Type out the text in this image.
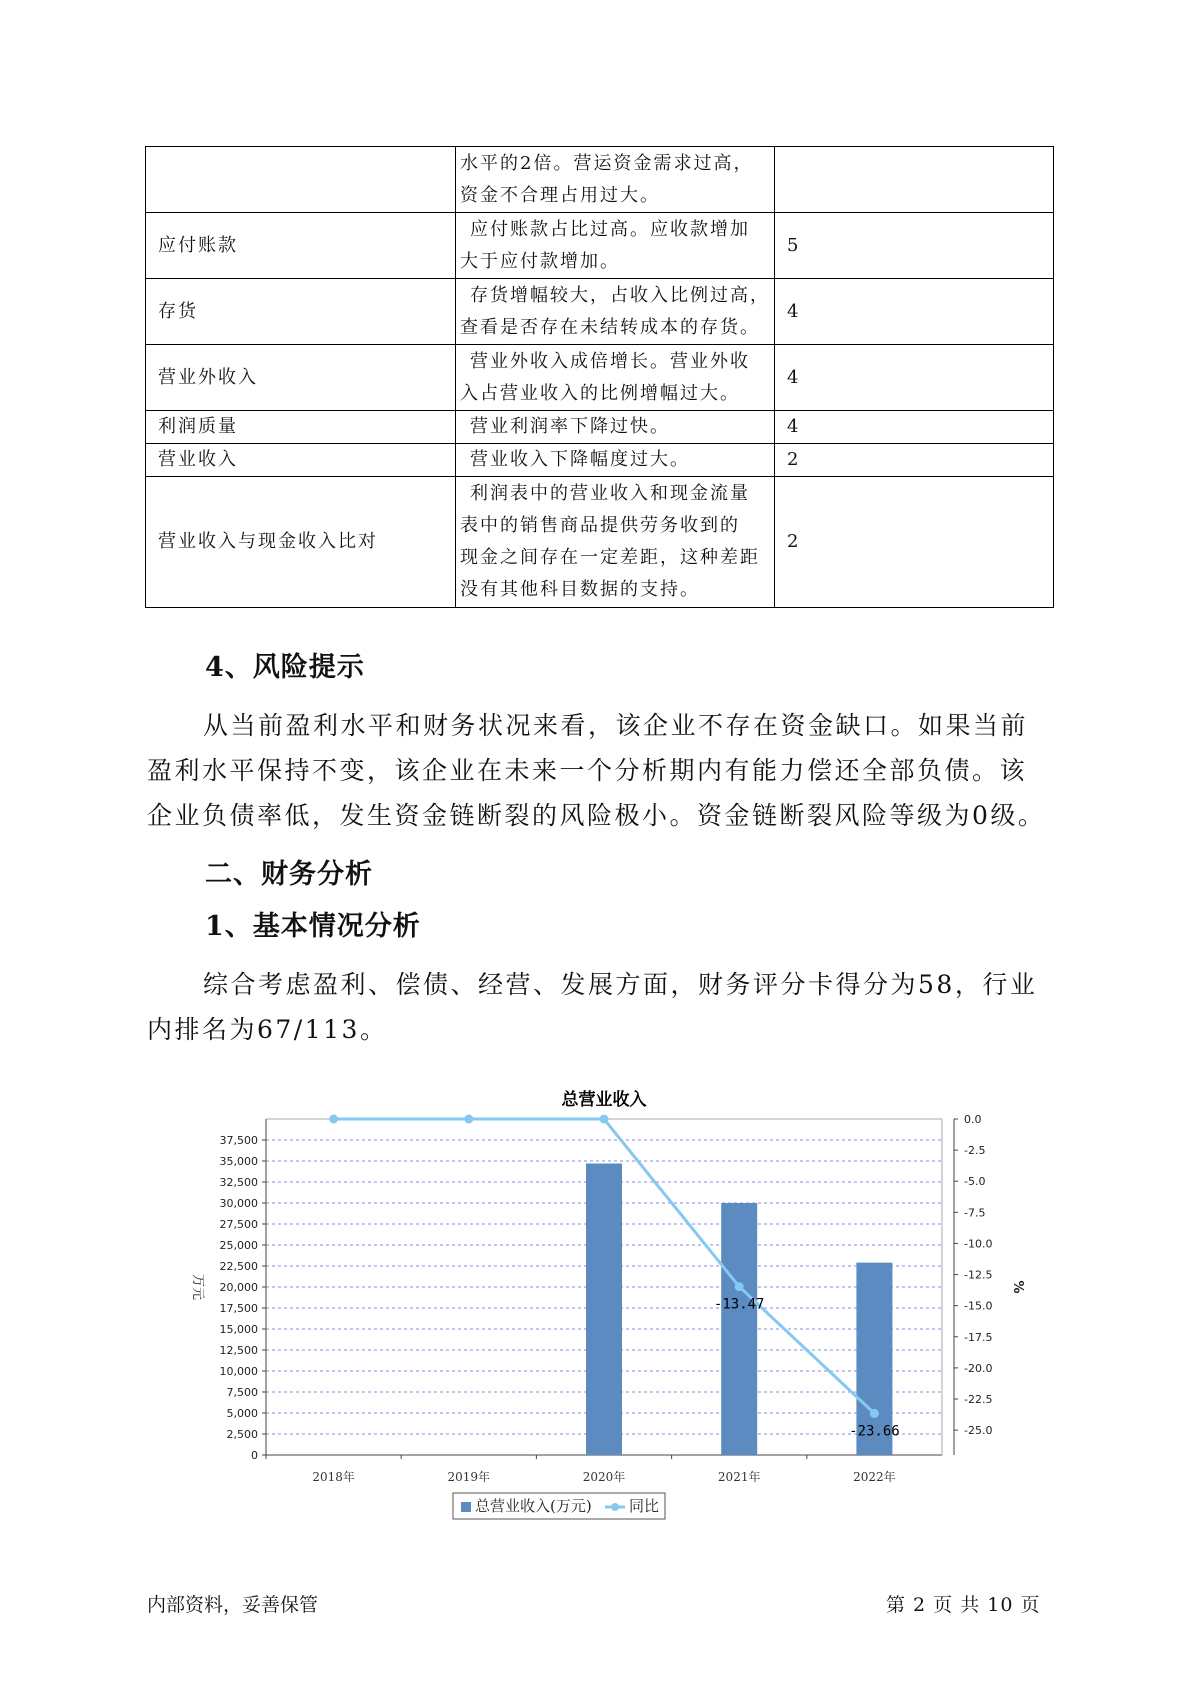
	水平的2倍。营运资金需求过高，
资金不合理占用过大。	

应付账款	应付账款占比过高。应收款增加
大于应付款增加。	5
存货	存货增幅较大，占收入比例过高，
查看是否存在未结转成本的存货。	4
营业外收入	营业外收入成倍增长。营业外收
入占营业收入的比例增幅过大。	4
利润质量	营业利润率下降过快。	4
营业收入	营业收入下降幅度过大。	2
营业收入与现金收入比对	利润表中的营业收入和现金流量
表中的销售商品提供劳务收到的
现金之间存在一定差距，这种差距
没有其他科目数据的支持。	2
4、风险提示

从当前盈利水平和财务状况来看，该企业不存在资金缺口。如果当前

盈利水平保持不变，该企业在未来一个分析期内有能力偿还全部负债。该

企业负债率低，发生资金链断裂的风险极小。资金链断裂风险等级为0级。

二、财务分析
1、基本情况分析

综合考虑盈利、偿债、经营、发展方面，财务评分卡得分为58，行业

内排名为67/113。

总营业收入
0
2,500
5,000
7,500
10,000
12,500
15,000
17,500
20,000
22,500
25,000
27,500
30,000
32,500
35,000
37,500
0.0
-2.5
-5.0
-7.5
-10.0
-12.5
-15.0
-17.5
-20.0
-22.5
-25.0
万元	%
2018年	2019年	2020年	2021年	2022年
-13.47
-23.66
总营业收入(万元) 同比
内部资料，妥善保管	第 2 页 共 10 页
